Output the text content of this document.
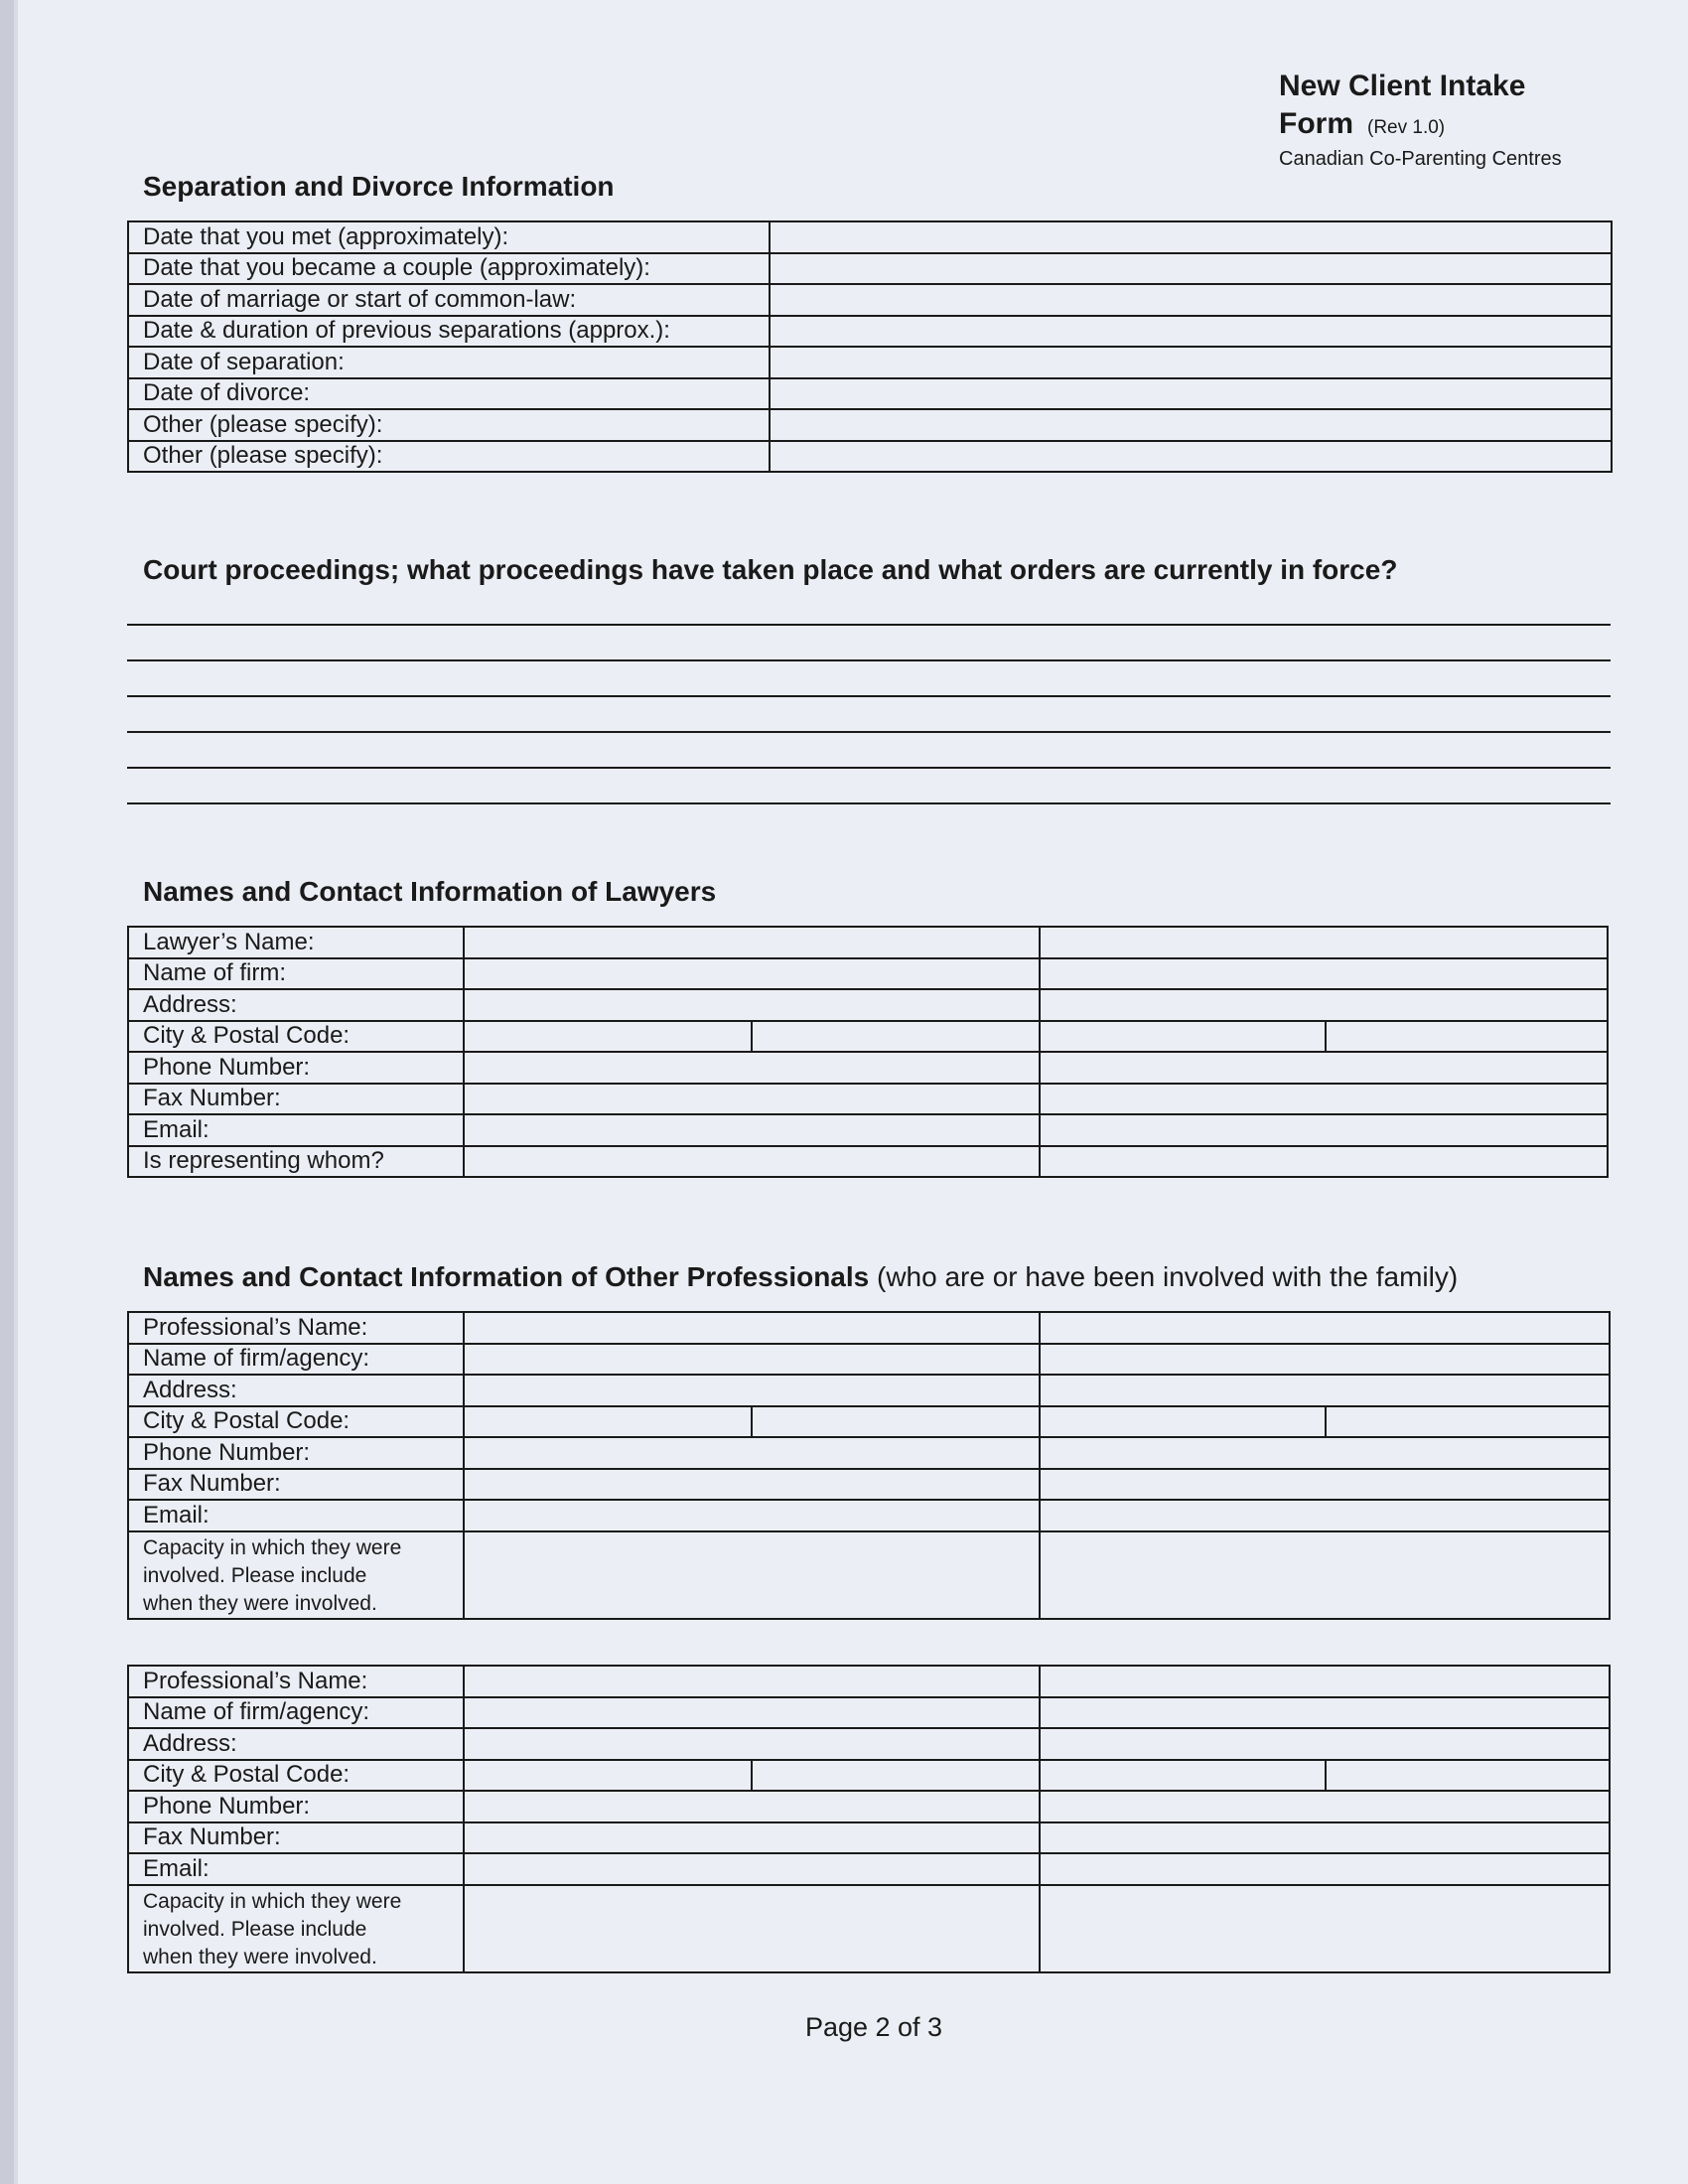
New Client Intake
Form (Rev 1.0)
Canadian Co-Parenting Centres
Separation and Divorce Information
Date that you met (approximately):	
Date that you became a couple (approximately):	
Date of marriage or start of common-law:	
Date & duration of previous separations (approx.):	
Date of separation:	
Date of divorce:	
Other (please specify):	
Other (please specify):	
Court proceedings; what proceedings have taken place and what orders are currently in force?
Names and Contact Information of Lawyers
Lawyer’s Name:				
Name of firm:				
Address:				
City & Postal Code:				
Phone Number:				
Fax Number:				
Email:				
Is representing whom?				
Names and Contact Information of Other Professionals (who are or have been involved with the family)
Professional’s Name:				
Name of firm/agency:				
Address:				
City & Postal Code:				
Phone Number:				
Fax Number:				
Email:				

Capacity in which they were
involved. Please include
when they were involved.				

Professional’s Name:				
Name of firm/agency:				
Address:				
City & Postal Code:				
Phone Number:				
Fax Number:				
Email:				

Capacity in which they were
involved. Please include
when they were involved.				

Page 2 of 3
